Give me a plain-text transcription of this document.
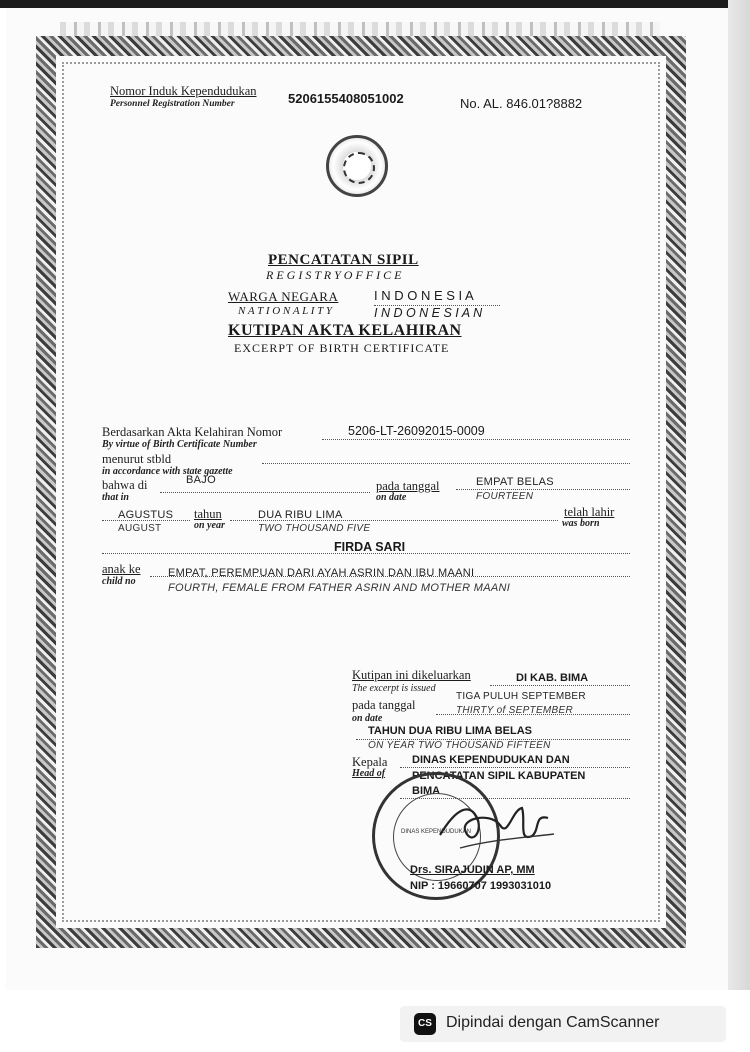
Nomor Induk Kependudukan
Personnel Registration Number	5206155408051002	No. AL. 846.01?8882
PENCATATAN SIPIL
R E G I S T R Y O F F I C E
WARGA NEGARA	I N D O N E S I A
N A T I O N A L I T Y	I N D O N E S I A N
KUTIPAN AKTA KELAHIRAN
EXCERPT OF BIRTH CERTIFICATE
Berdasarkan Akta Kelahiran Nomor
By virtue of Birth Certificate Number
5206-LT-26092015-0009
menurut stbld
in accordance with state gazette
bahwa di
that in
BAJO	pada tanggal
on date
EMPAT BELAS
FOURTEEN
AGUSTUS
AUGUST
tahun
on year
DUA RIBU LIMA
TWO THOUSAND FIVE
telah lahir
was born
FIRDA SARI
anak ke
child no
EMPAT, PEREMPUAN DARI AYAH ASRIN DAN IBU MAANI
FOURTH, FEMALE FROM FATHER ASRIN AND MOTHER MAANI
Kutipan ini dikeluarkan
The excerpt is issued
DI KAB. BIMA
pada tanggal
on date
TIGA PULUH SEPTEMBER
THIRTY of SEPTEMBER
TAHUN DUA RIBU LIMA BELAS
ON YEAR TWO THOUSAND FIFTEEN
Kepala
Head of
DINAS KEPENDUDUKAN DAN
PENCATATAN SIPIL KABUPATEN
BIMA
DINAS KEPENDUDUKAN
Drs. SIRAJUDIN AP, MM
NIP : 19660707 1993031010
CS Dipindai dengan CamScanner
